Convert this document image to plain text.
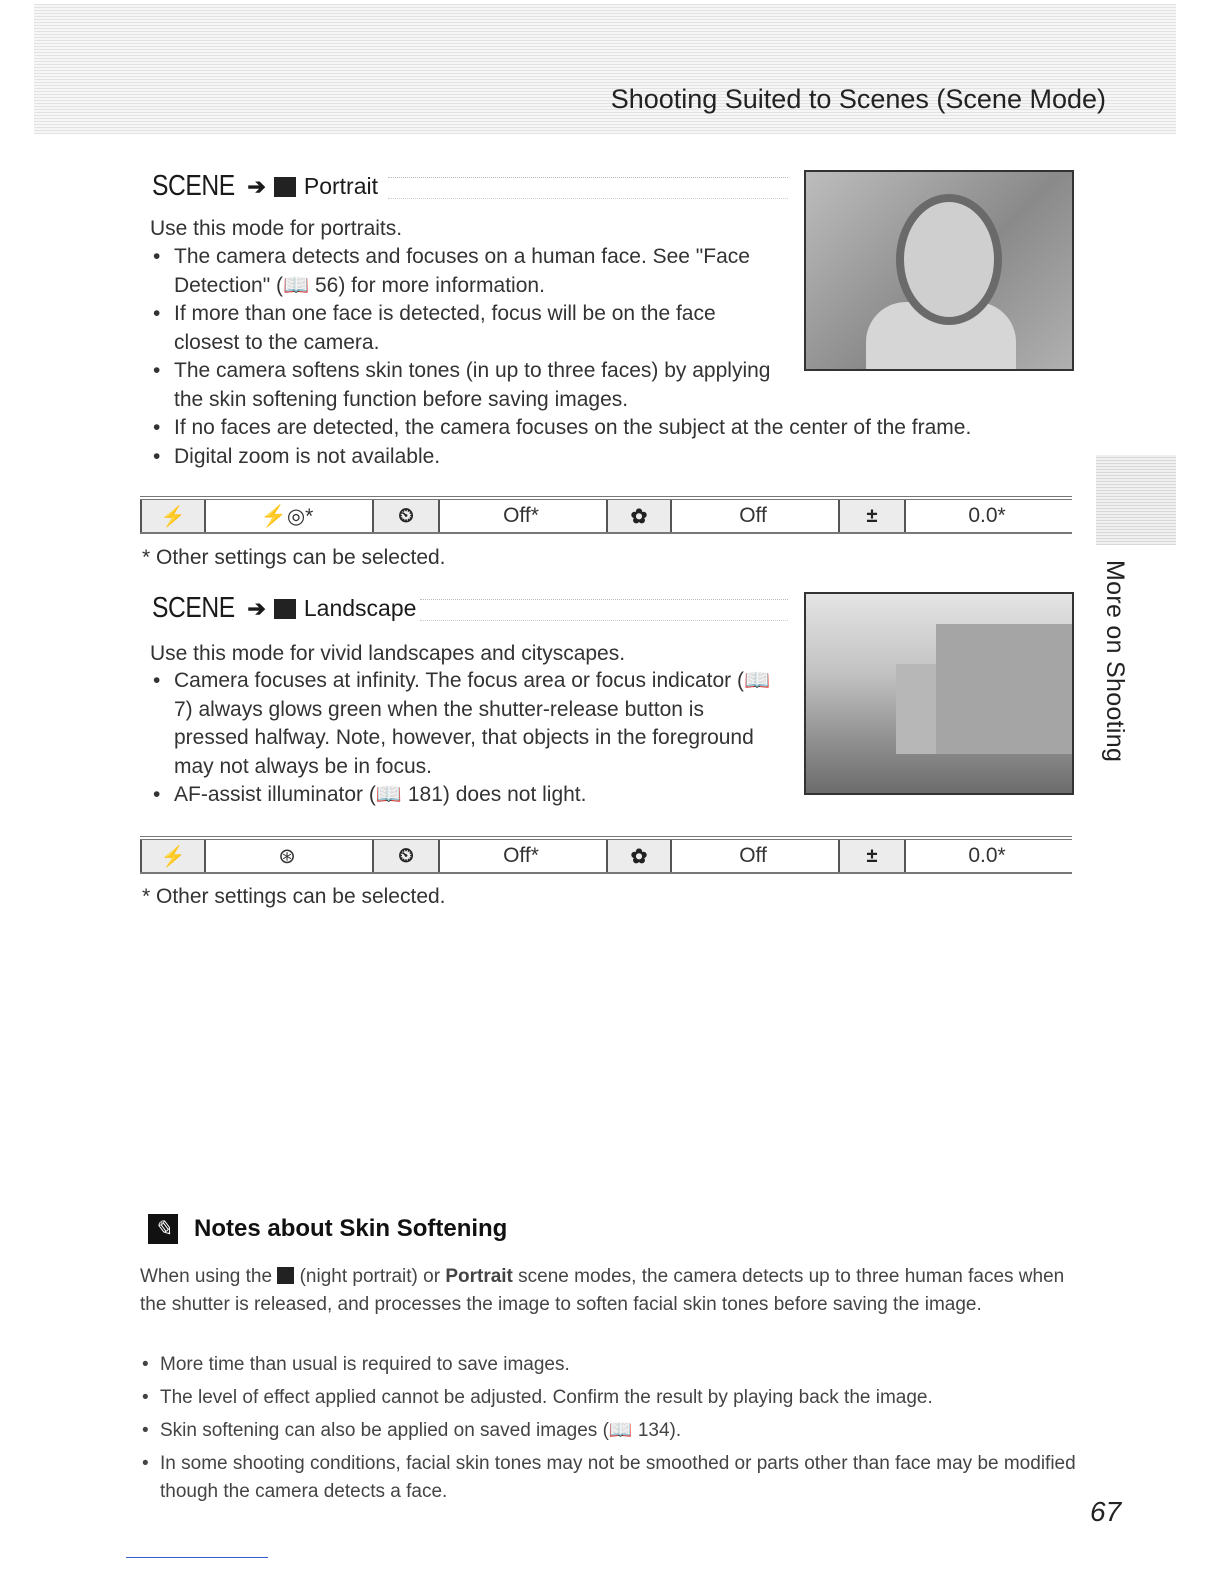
Shooting Suited to Scenes (Scene Mode)
More on Shooting
SCENE ➔ Portrait
Use this mode for portraits.
• The camera detects and focuses on a human face. See "Face Detection" (📖 56) for more information.
• If more than one face is detected, focus will be on the face closest to the camera.
• The camera softens skin tones (in up to three faces) by applying the skin softening function before saving images.
• If no faces are detected, the camera focuses on the subject at the center of the frame.
• Digital zoom is not available.
⚡	⚡◎*	⏲	Off*	✿	Off	±	0.0*
* Other settings can be selected.
SCENE ➔ Landscape
Use this mode for vivid landscapes and cityscapes.
• Camera focuses at infinity. The focus area or focus indicator (📖 7) always glows green when the shutter-release button is pressed halfway. Note, however, that objects in the foreground may not always be in focus.
• AF-assist illuminator (📖 181) does not light.
⚡	⊛	⏲	Off*	✿	Off	±	0.0*
* Other settings can be selected.
✎ Notes about Skin Softening
When using the  (night portrait) or Portrait scene modes, the camera detects up to three human faces when the shutter is released, and processes the image to soften facial skin tones before saving the image.
• More time than usual is required to save images.
• The level of effect applied cannot be adjusted. Confirm the result by playing back the image.
• Skin softening can also be applied on saved images (📖 134).
• In some shooting conditions, facial skin tones may not be smoothed or parts other than face may be modified though the camera detects a face.
67
